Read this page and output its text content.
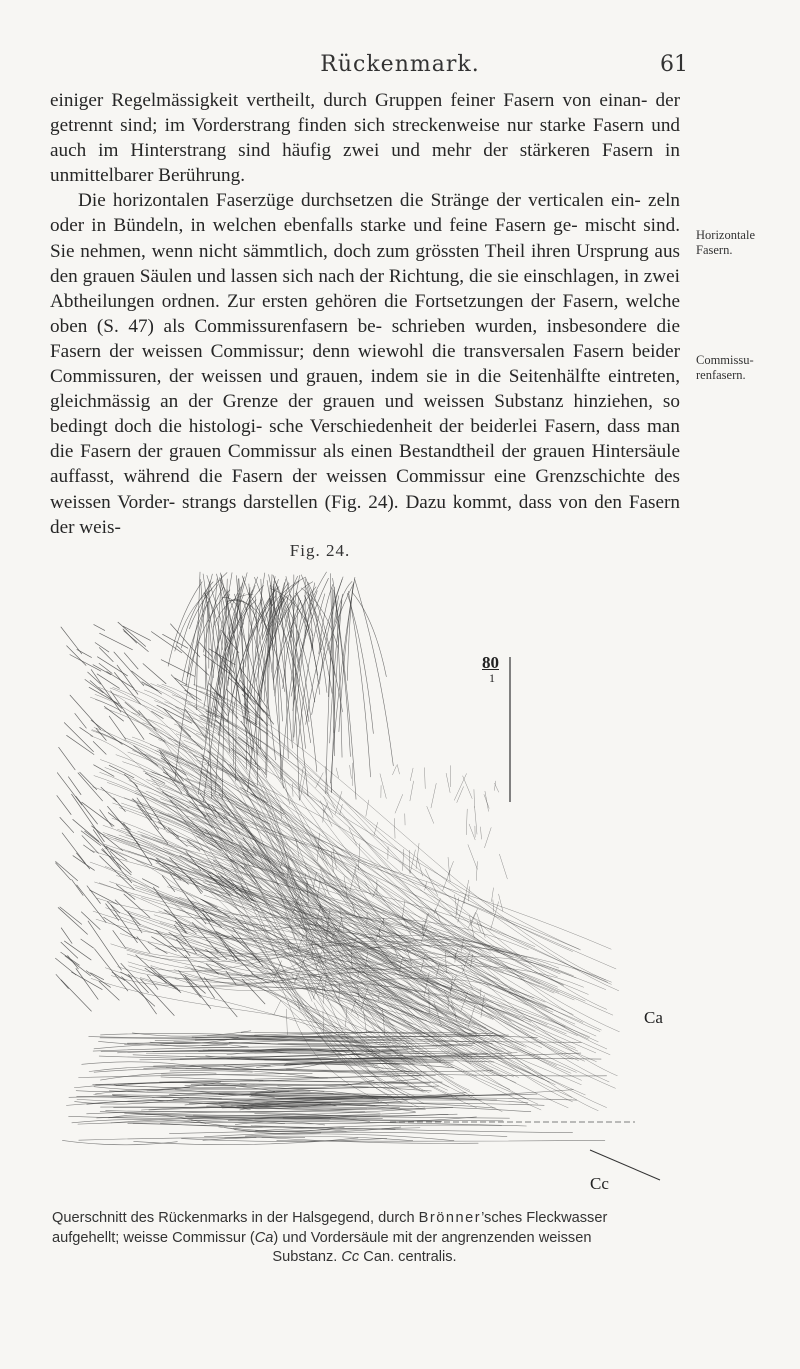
Rückenmark.	61

einiger Regelmässigkeit vertheilt, durch Gruppen feiner Fasern von einan- der getrennt sind; im Vorderstrang finden sich streckenweise nur starke Fasern und auch im Hinterstrang sind häufig zwei und mehr der stärkeren Fasern in unmittelbarer Berührung.

Die horizontalen Faserzüge durchsetzen die Stränge der verticalen ein- zeln oder in Bündeln, in welchen ebenfalls starke und feine Fasern ge- mischt sind. Sie nehmen, wenn nicht sämmtlich, doch zum grössten Theil ihren Ursprung aus den grauen Säulen und lassen sich nach der Richtung, die sie einschlagen, in zwei Abtheilungen ordnen. Zur ersten gehören die Fortsetzungen der Fasern, welche oben (S. 47) als Commissurenfasern be- schrieben wurden, insbesondere die Fasern der weissen Commissur; denn wiewohl die transversalen Fasern beider Commissuren, der weissen und grauen, indem sie in die Seitenhälfte eintreten, gleichmässig an der Grenze der grauen und weissen Substanz hinziehen, so bedingt doch die histologi- sche Verschiedenheit der beiderlei Fasern, dass man die Fasern der grauen Commissur als einen Bestandtheil der grauen Hintersäule auffasst, während die Fasern der weissen Commissur eine Grenzschichte des weissen Vorder- strangs darstellen (Fig. 24). Dazu kommt, dass von den Fasern der weis-

Horizontale
Fasern.
Commissu-
renfasern.
Fig. 24.
80
1
Ca
Cc
Querschnitt des Rückenmarks in der Halsgegend, durch Brönner’sches Fleckwasser
aufgehellt; weisse Commissur (Ca) und Vordersäule mit der angrenzenden weissen
Substanz. Cc Can. centralis.
